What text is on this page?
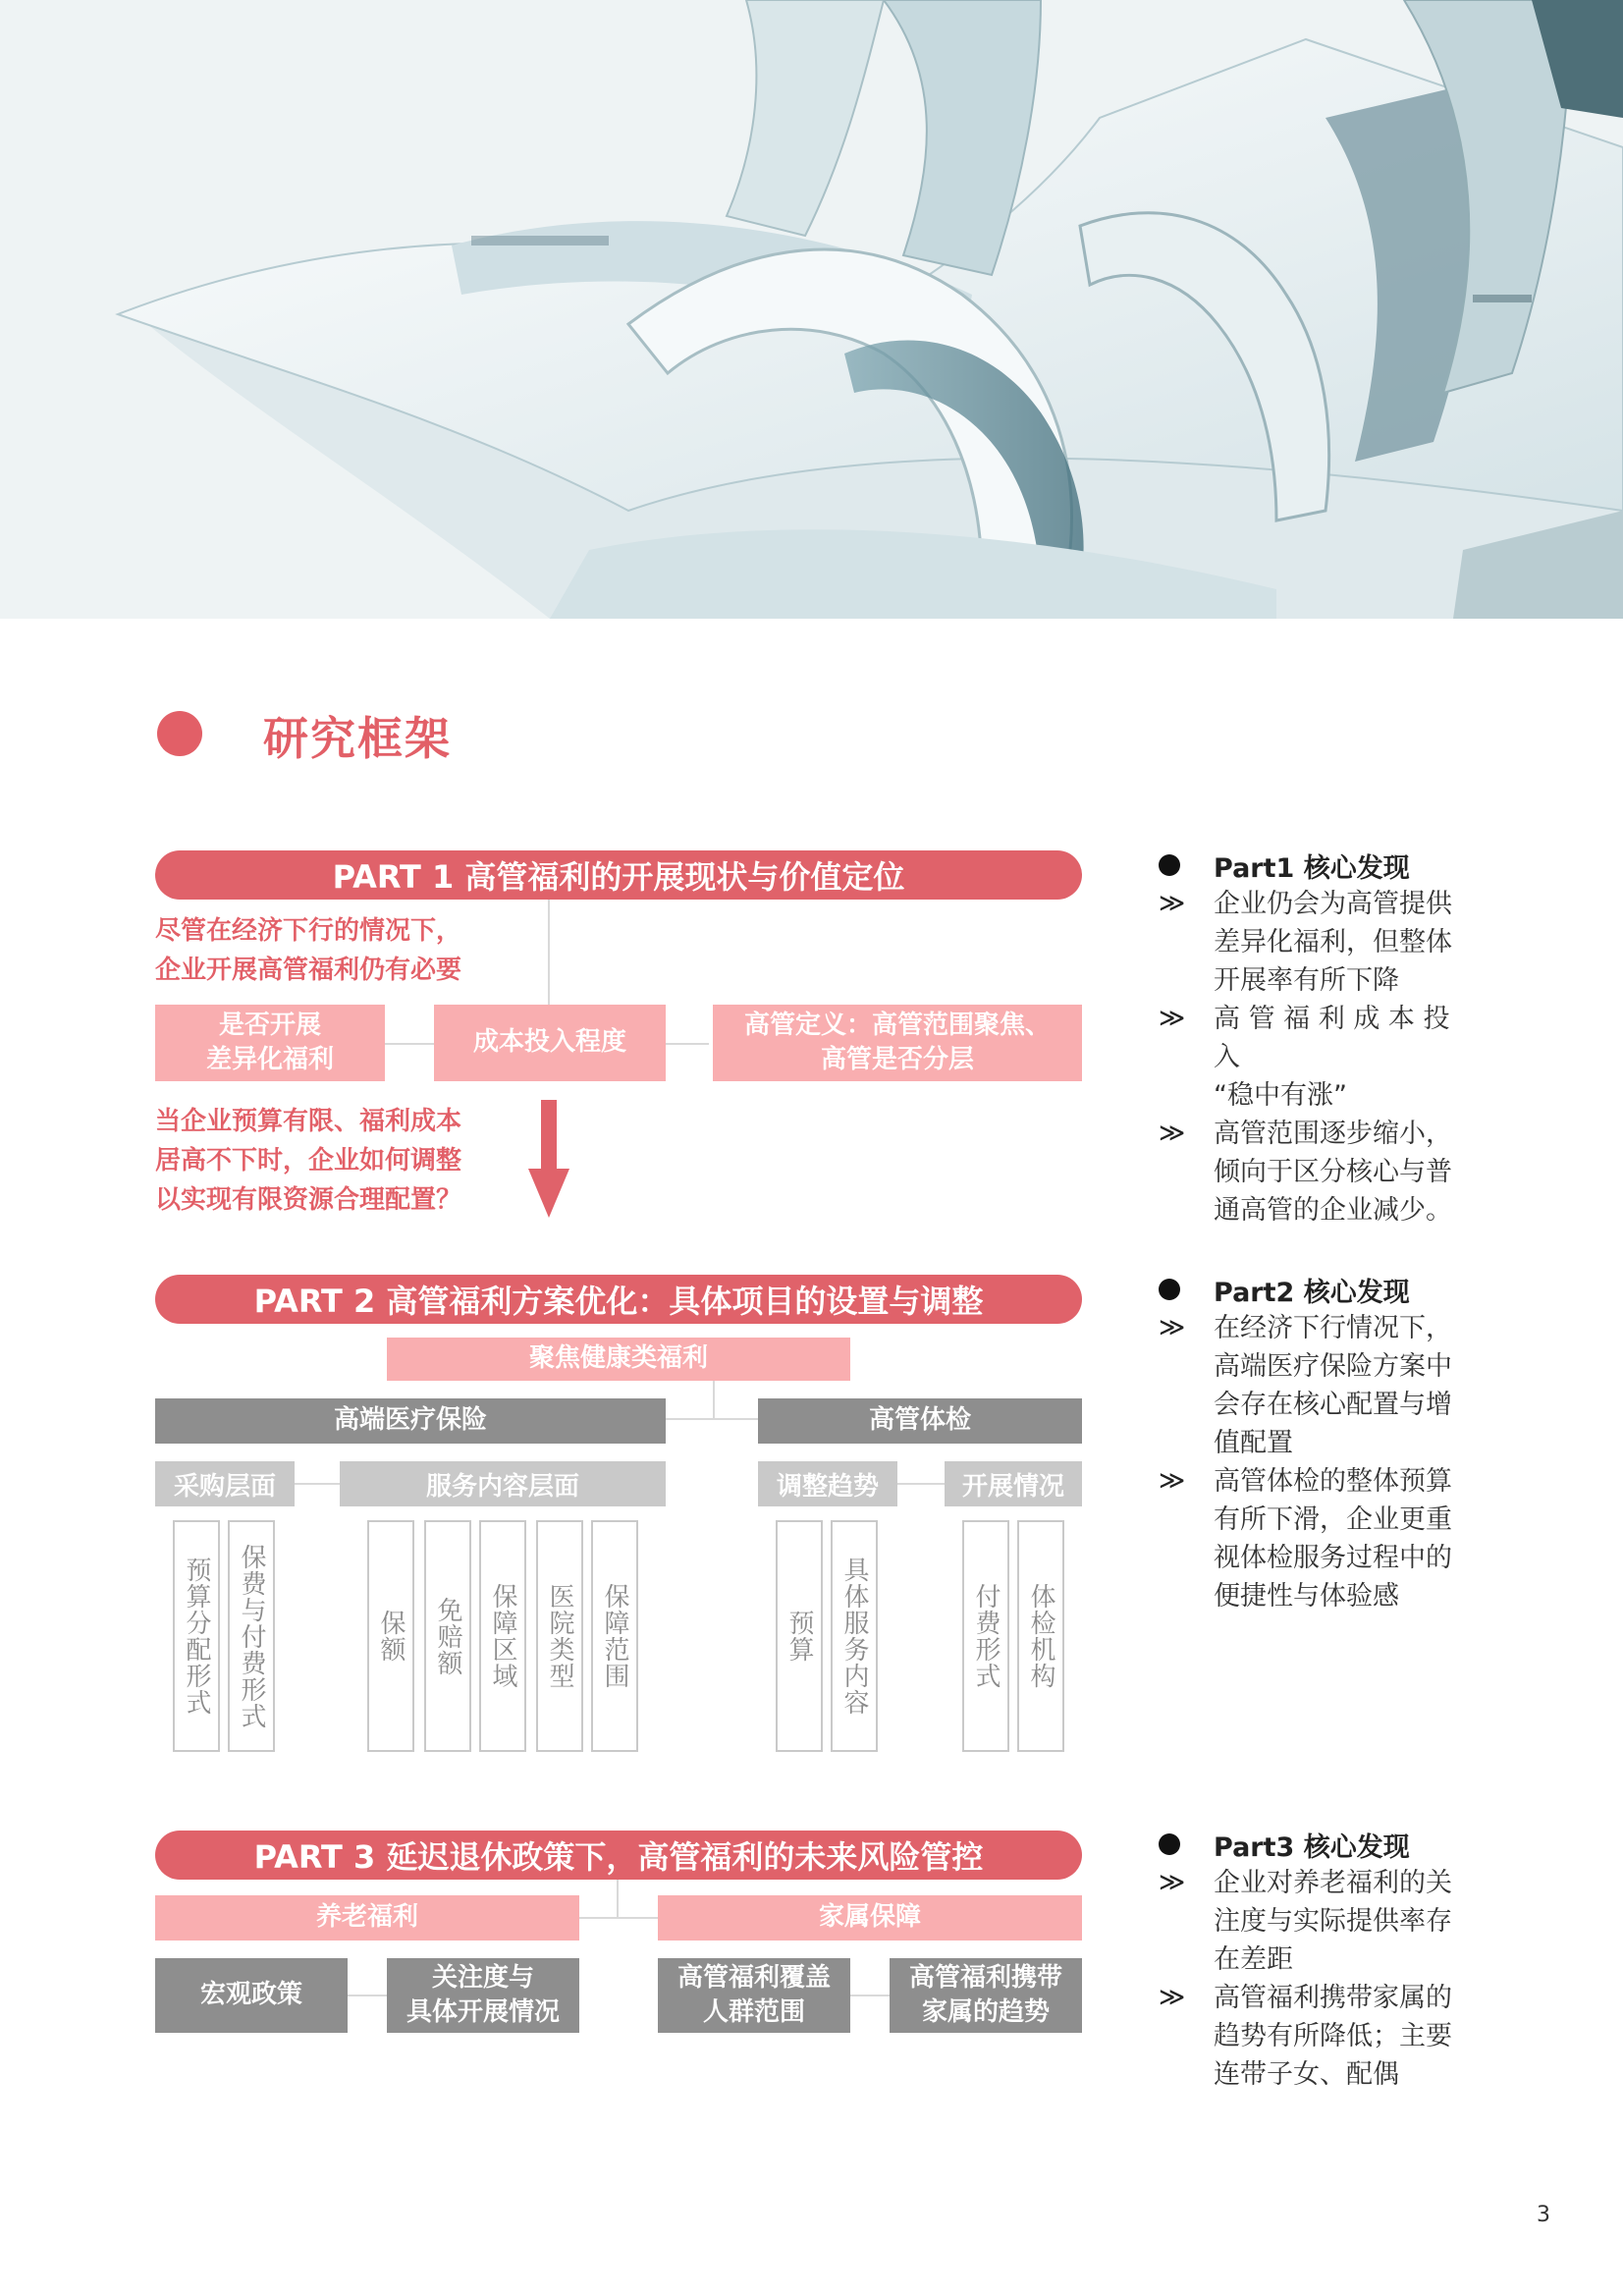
研究框架
PART 1 高管福利的开展现状与价值定位
尽管在经济下行的情况下，
企业开展高管福利仍有必要
是否开展
差异化福利
成本投入程度
高管定义：高管范围聚焦、
高管是否分层
当企业预算有限、福利成本
居高不下时，企业如何调整
以实现有限资源合理配置？
PART 2 高管福利方案优化：具体项目的设置与调整
聚焦健康类福利
高端医疗保险	高管体检
采购层面	服务内容层面	调整趋势	开展情况
预算分配形式	保费与付费形式	保额	免赔额	保障区域	医院类型	保障范围	预算	具体服务内容	付费形式	体检机构
PART 3 延迟退休政策下，高管福利的未来风险管控
养老福利	家属保障
宏观政策
关注度与
具体开展情况
高管福利覆盖
人群范围
高管福利携带
家属的趋势
Part1 核心发现
≫	企业仍会为高管提供
差异化福利，但整体
开展率有所下降
≫	高 管 福 利 成 本 投 入
“稳中有涨”
≫	高管范围逐步缩小，
倾向于区分核心与普
通高管的企业减少。
Part2 核心发现
≫	在经济下行情况下，
高端医疗保险方案中
会存在核心配置与增
值配置
≫	高管体检的整体预算
有所下滑，企业更重
视体检服务过程中的
便捷性与体验感
Part3 核心发现
≫	企业对养老福利的关
注度与实际提供率存
在差距
≫	高管福利携带家属的
趋势有所降低；主要
连带子女、配偶
3
